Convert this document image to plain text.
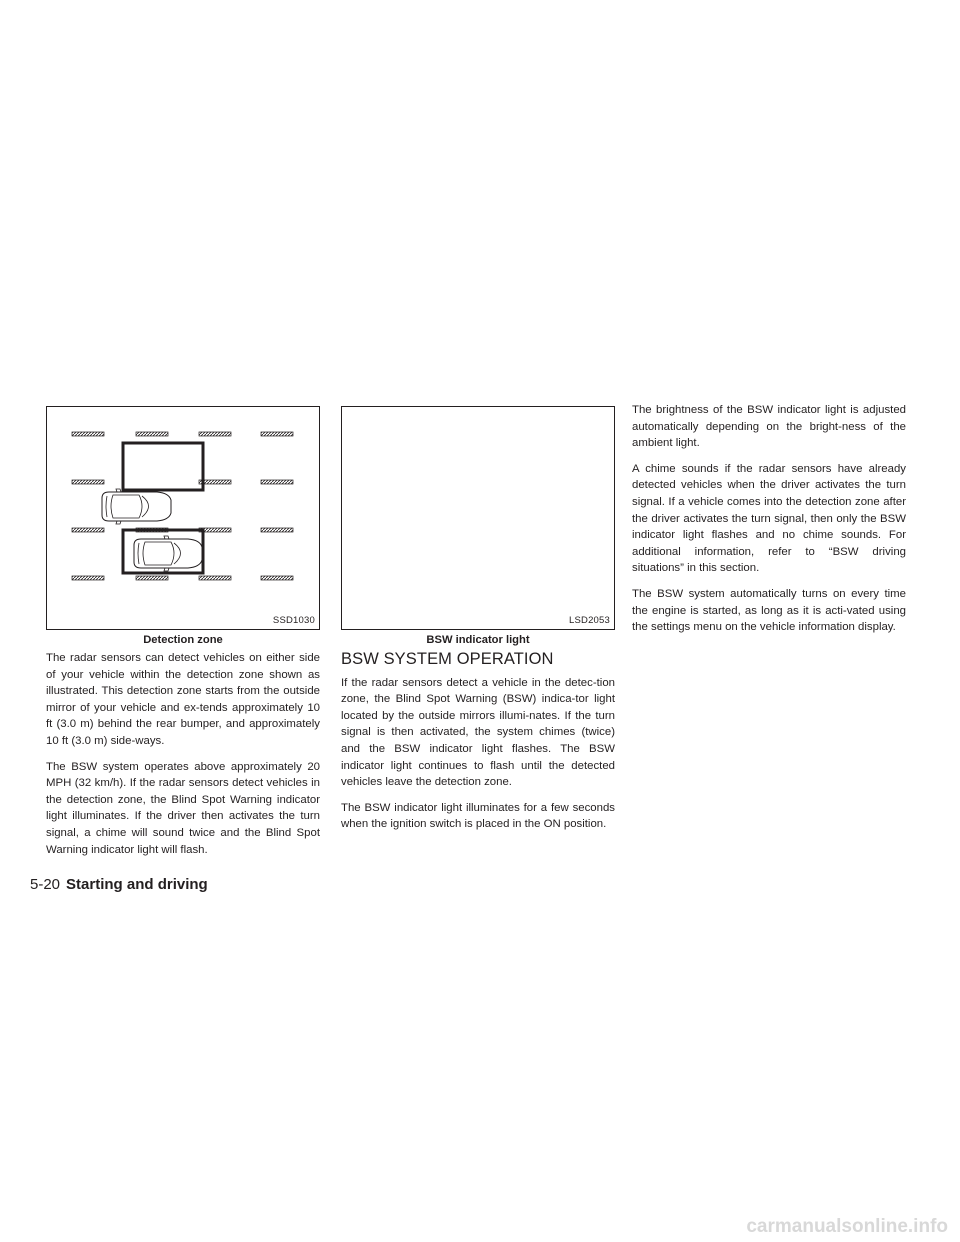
SSD1030
Detection zone
LSD2053
BSW indicator light

The radar sensors can detect vehicles on either side of your vehicle within the detection zone shown as illustrated. This detection zone starts from the outside mirror of your vehicle and ex-tends approximately 10 ft (3.0 m) behind the rear bumper, and approximately 10 ft (3.0 m) side-ways.

The BSW system operates above approximately 20 MPH (32 km/h). If the radar sensors detect vehicles in the detection zone, the Blind Spot Warning indicator light illuminates. If the driver then activates the turn signal, a chime will sound twice and the Blind Spot Warning indicator light will flash.

BSW SYSTEM OPERATION

If the radar sensors detect a vehicle in the detec-tion zone, the Blind Spot Warning (BSW) indica-tor light located by the outside mirrors illumi-nates. If the turn signal is then activated, the system chimes (twice) and the BSW indicator light flashes. The BSW indicator light continues to flash until the detected vehicles leave the detection zone.

The BSW indicator light illuminates for a few seconds when the ignition switch is placed in the ON position.

The brightness of the BSW indicator light is adjusted automatically depending on the bright-ness of the ambient light.

A chime sounds if the radar sensors have already detected vehicles when the driver activates the turn signal. If a vehicle comes into the detection zone after the driver activates the turn signal, then only the BSW indicator light flashes and no chime sounds. For additional information, refer to “BSW driving situations” in this section.

The BSW system automatically turns on every time the engine is started, as long as it is acti-vated using the settings menu on the vehicle information display.

5-20 Starting and driving
carmanualsonline.info
